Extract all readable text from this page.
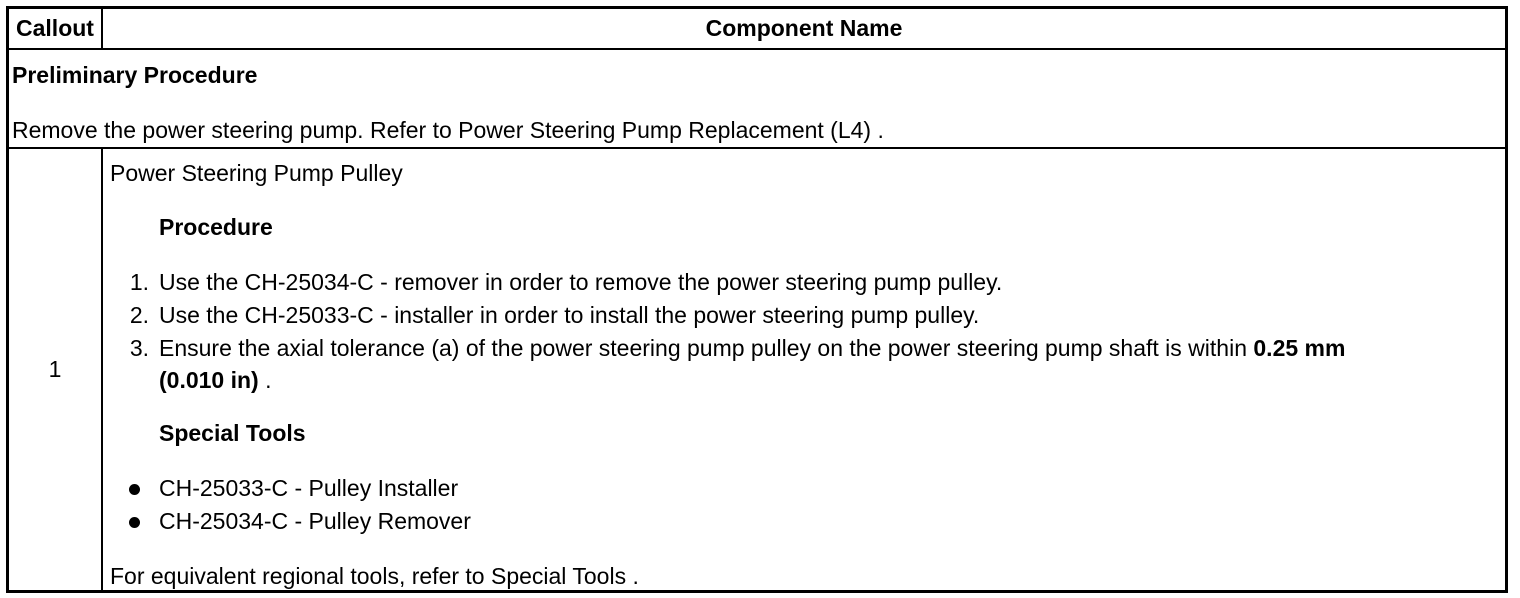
Callout	Component Name
Preliminary Procedure
Remove the power steering pump. Refer to Power Steering Pump Replacement (L4) .
1
Power Steering Pump Pulley
Procedure
1. Use the CH-25034-C - remover in order to remove the power steering pump pulley.
2. Use the CH-25033-C - installer in order to install the power steering pump pulley.
3. Ensure the axial tolerance (a) of the power steering pump pulley on the power steering pump shaft is within 0.25 mm
(0.010 in) .
Special Tools
CH-25033-C - Pulley Installer
CH-25034-C - Pulley Remover
For equivalent regional tools, refer to Special Tools .
